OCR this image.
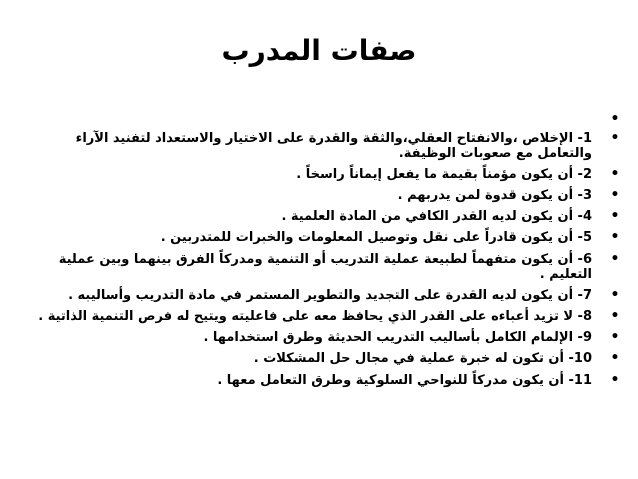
صفات المدرب
•
•
1- الإخلاص ،والانفتاح العقلي،والثقة والقدرة على الاختيار والاستعداد لتفنيد الآراء والتعامل مع صعوبات الوظيفة.
•
2- أن يكون مؤمناً بقيمة ما يفعل إيماناً راسخاً .
•
3- أن يكون قدوة لمن يدربهم .
•
4- أن يكون لديه القدر الكافي من المادة العلمية .
•
5- أن يكون قادراً على نقل وتوصيل المعلومات والخبرات للمتدربين .
•
6- أن يكون متفهماً لطبيعة عملية التدريب أو التنمية ومدركاً الفرق بينهما وبين عملية التعليم .
•
7- أن يكون لديه القدرة على التجديد والتطوير المستمر في مادة التدريب وأساليبه .
•
8- لا تزيد أعباءه على القدر الذي يحافظ معه على فاعليته ويتيح له فرص التنمية الذاتية .
•
9- الإلمام الكامل بأساليب التدريب الحديثة وطرق استخدامها .
•
10- أن تكون له خبرة عملية في مجال حل المشكلات .
•
11- أن يكون مدركاً للنواحي السلوكية وطرق التعامل معها .
